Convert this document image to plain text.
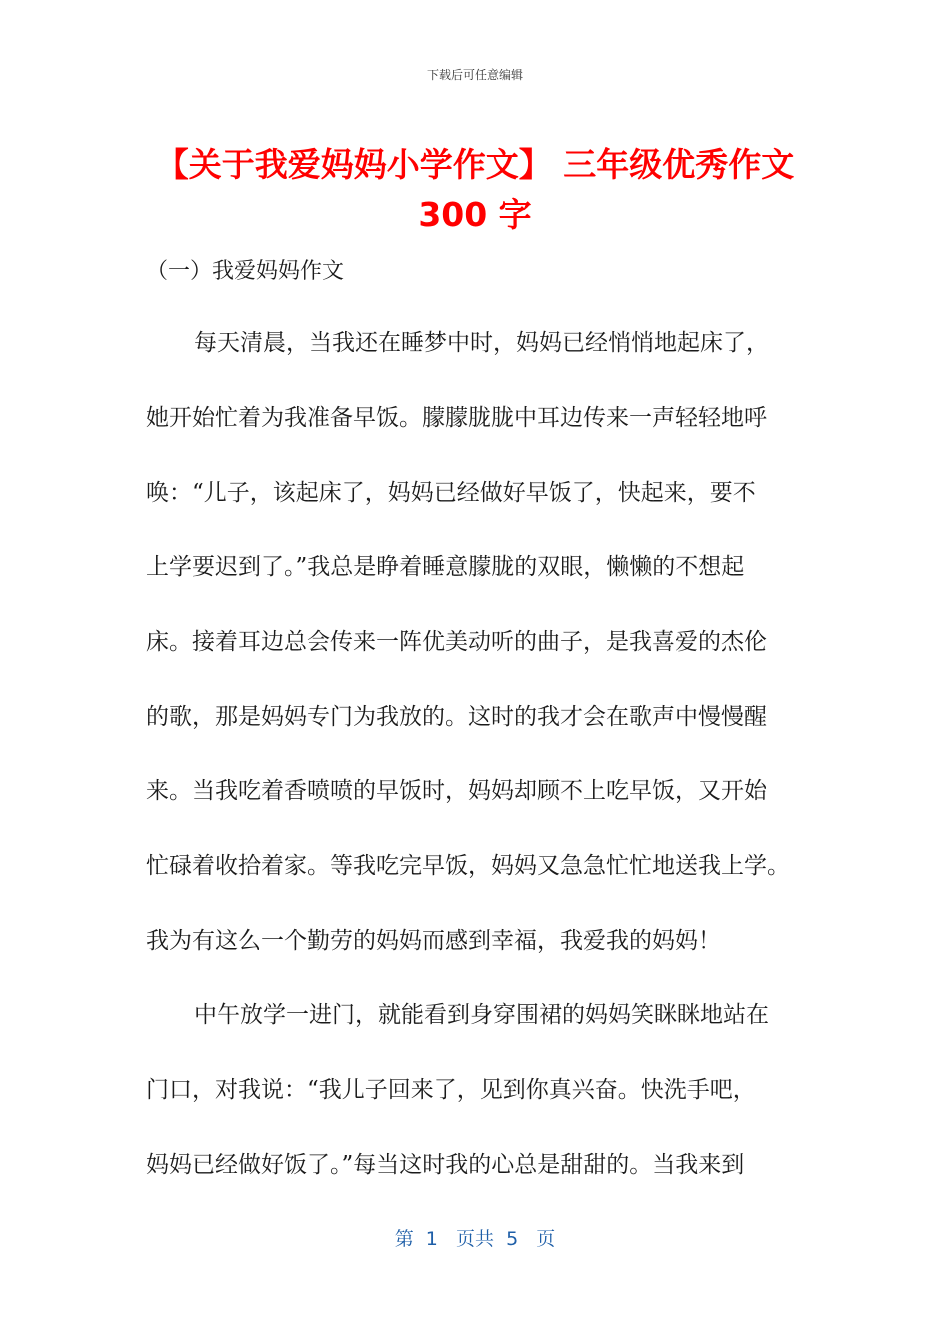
下载后可任意编辑
【关于我爱妈妈小学作文】 三年级优秀作文
300 字
（一）我爱妈妈作文
每天清晨，当我还在睡梦中时，妈妈已经悄悄地起床了，
她开始忙着为我准备早饭。朦朦胧胧中耳边传来一声轻轻地呼
唤：“儿子，该起床了，妈妈已经做好早饭了，快起来，要不
上学要迟到了。”我总是睁着睡意朦胧的双眼，懒懒的不想起
床。接着耳边总会传来一阵优美动听的曲子，是我喜爱的杰伦
的歌，那是妈妈专门为我放的。这时的我才会在歌声中慢慢醒
来。当我吃着香喷喷的早饭时，妈妈却顾不上吃早饭，又开始
忙碌着收拾着家。等我吃完早饭，妈妈又急急忙忙地送我上学。
我为有这么一个勤劳的妈妈而感到幸福，我爱我的妈妈！
中午放学一进门，就能看到身穿围裙的妈妈笑眯眯地站在
门口，对我说：“我儿子回来了，见到你真兴奋。快洗手吧，
妈妈已经做好饭了。”每当这时我的心总是甜甜的。当我来到
第  1   页共  5   页
